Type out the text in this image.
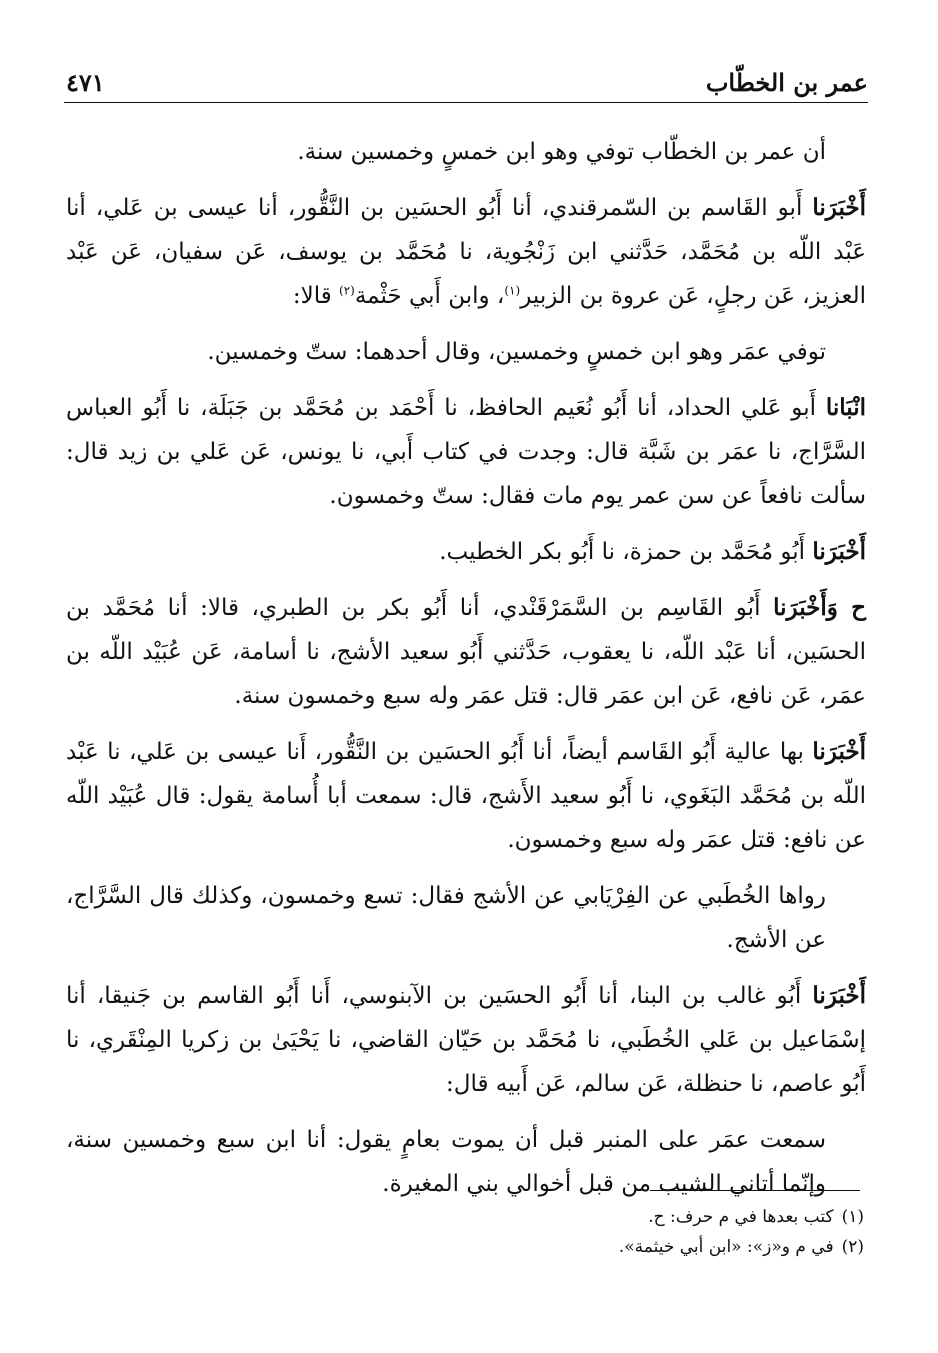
عمر بن الخطّاب
٤٧١

أن عمر بن الخطّاب توفي وهو ابن خمسٍ وخمسين سنة.

أَخْبَرَنا أَبو القَاسم بن السّمرقندي، أنا أَبُو الحسَين بن النَّقُّور، أنا عيسى بن عَلي، أنا عَبْد اللّه بن مُحَمَّد، حَدَّثني ابن زَنْجُوية، نا مُحَمَّد بن يوسف، عَن سفيان، عَن عَبْد العزيز، عَن رجلٍ، عَن عروة بن الزبير$^{(١)}$، وابن أَبي حَثْمة$^{(٢)}$ قالا:

توفي عمَر وهو ابن خمسٍ وخمسين، وقال أحدهما: ستّ وخمسين.

انْبَانا أَبو عَلي الحداد، أنا أَبُو نُعَيم الحافظ، نا أَحْمَد بن مُحَمَّد بن جَبَلَة، نا أَبُو العباس السَّرَّاج، نا عمَر بن شَبَّة قال: وجدت في كتاب أَبي، نا يونس، عَن عَلي بن زيد قال: سألت نافعاً عن سن عمر يوم مات فقال: ستّ وخمسون.

أَخْبَرَنا أَبُو مُحَمَّد بن حمزة، نا أَبُو بكر الخطيب.

ح وَأَخْبَرَنا أَبُو القَاسِم بن السَّمَرْقَنْدي، أنا أَبُو بكر بن الطبري، قالا: أنا مُحَمَّد بن الحسَين، أنا عَبْد اللّه، نا يعقوب، حَدَّثني أَبُو سعيد الأشج، نا أسامة، عَن عُبَيْد اللّه بن عمَر، عَن نافع، عَن ابن عمَر قال: قتل عمَر وله سبع وخمسون سنة.

أَخْبَرَنا بها عالية أَبُو القَاسم أيضاً، أنا أَبُو الحسَين بن النَّقُّور، أَنا عيسى بن عَلي، نا عَبْد اللّه بن مُحَمَّد البَغَوي، نا أَبُو سعيد الأَشج، قال: سمعت أبا أُسامة يقول: قال عُبَيْد اللّه عن نافع: قتل عمَر وله سبع وخمسون.

رواها الخُطَبي عن الفِرْيَابي عن الأشج فقال: تسع وخمسون، وكذلك قال السَّرَّاج، عن الأشج.

أَخْبَرَنا أَبُو غالب بن البنا، أنا أَبُو الحسَين بن الآبنوسي، أَنا أَبُو القاسم بن جَنيقا، أنا إسْمَاعيل بن عَلي الخُطَبي، نا مُحَمَّد بن حَيّان القاضي، نا يَحْيَىٰ بن زكريا المِنْقَري، نا أَبُو عاصم، نا حنظلة، عَن سالم، عَن أَبيه قال:

سمعت عمَر على المنبر قبل أن يموت بعامٍ يقول: أنا ابن سبع وخمسين سنة، وإنّما أتاني الشيب من قبل أخوالي بني المغيرة.

(١)كتب بعدها في م حرف: ح.

(٢)في م و«ز»: «ابن أبي خيثمة».
